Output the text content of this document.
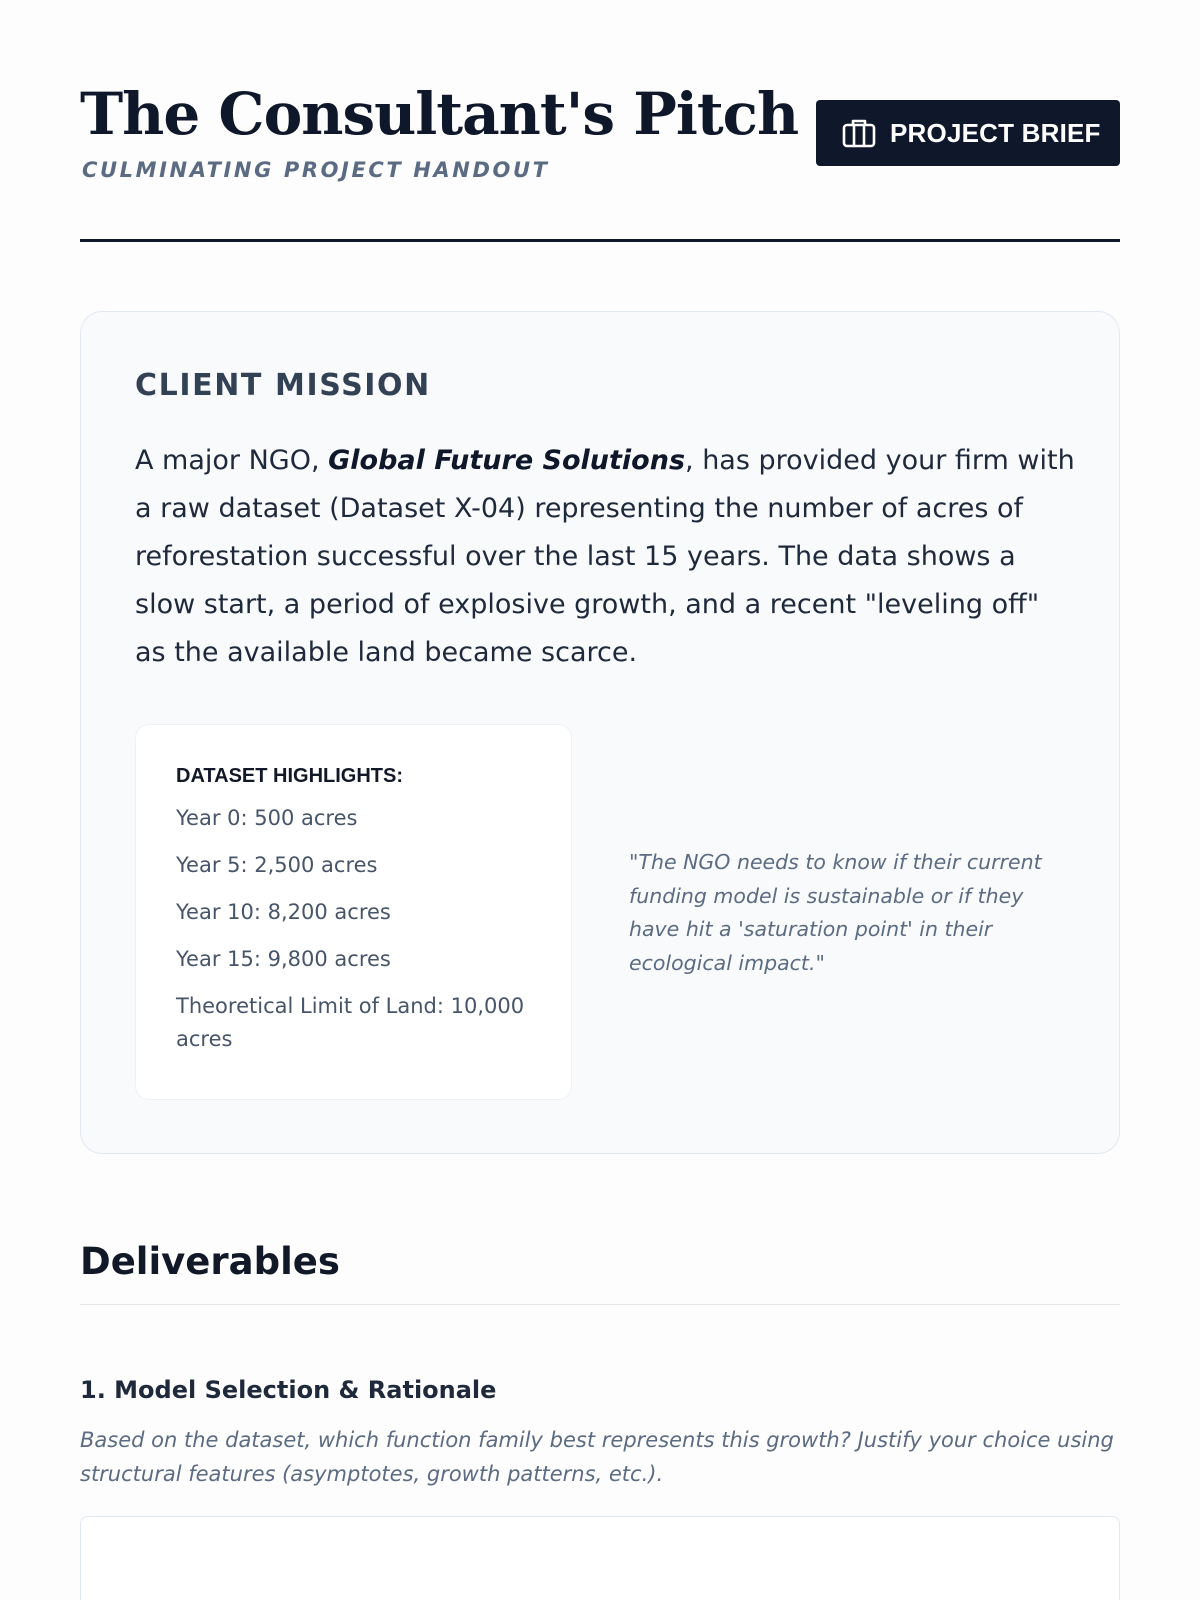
The Consultant's Pitch
CULMINATING PROJECT HANDOUT
PROJECT BRIEF
CLIENT MISSION

A major NGO, Global Future Solutions, has provided your firm with a raw dataset (Dataset X-04) representing the number of acres of reforestation successful over the last 15 years. The data shows a slow start, a period of explosive growth, and a recent "leveling off" as the available land became scarce.

DATASET HIGHLIGHTS:
Year 0: 500 acres
Year 5: 2,500 acres
Year 10: 8,200 acres
Year 15: 9,800 acres
Theoretical Limit of Land: 10,000 acres
"The NGO needs to know if their current funding model is sustainable or if they have hit a 'saturation point' in their ecological impact."
Deliverables
1. Model Selection & Rationale

Based on the dataset, which function family best represents this growth? Justify your choice using structural features (asymptotes, growth patterns, etc.).
